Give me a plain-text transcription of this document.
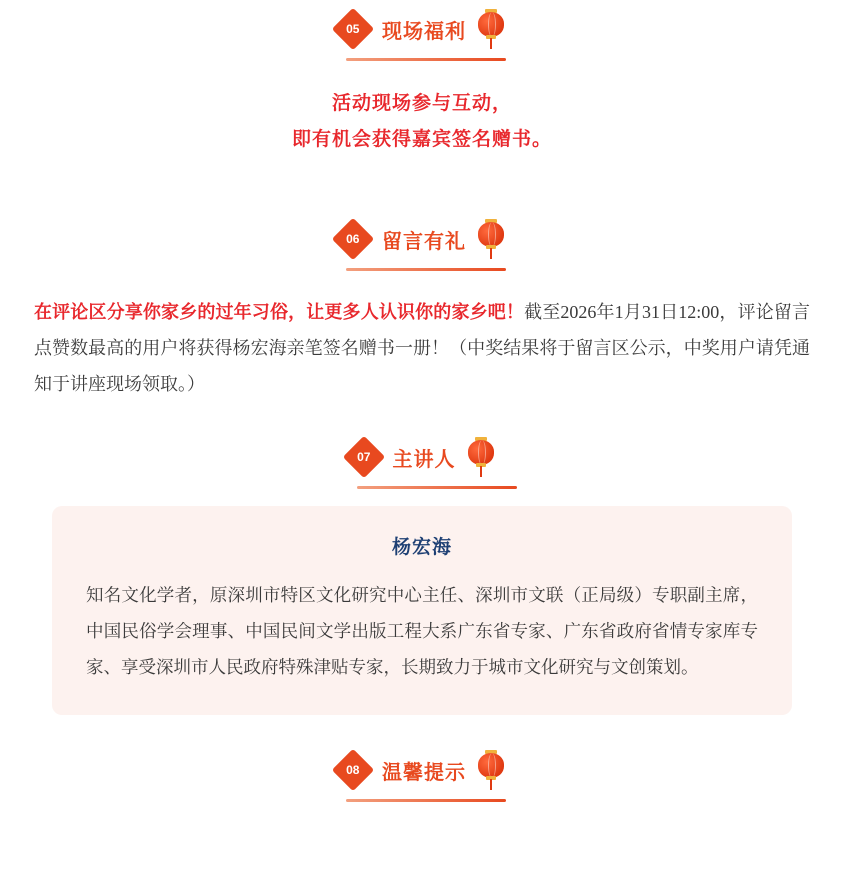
05 现场福利
活动现场参与互动，
即有机会获得嘉宾签名赠书。
06 留言有礼
在评论区分享你家乡的过年习俗，让更多人认识你的家乡吧！截至2026年1月31日12:00，评论留言点赞数最高的用户将获得杨宏海亲笔签名赠书一册！（中奖结果将于留言区公示，中奖用户请凭通知于讲座现场领取。）
07 主讲人
杨宏海
知名文化学者，原深圳市特区文化研究中心主任、深圳市文联（正局级）专职副主席，中国民俗学会理事、中国民间文学出版工程大系广东省专家、广东省政府省情专家库专家、享受深圳市人民政府特殊津贴专家，长期致力于城市文化研究与文创策划。
08 温馨提示
